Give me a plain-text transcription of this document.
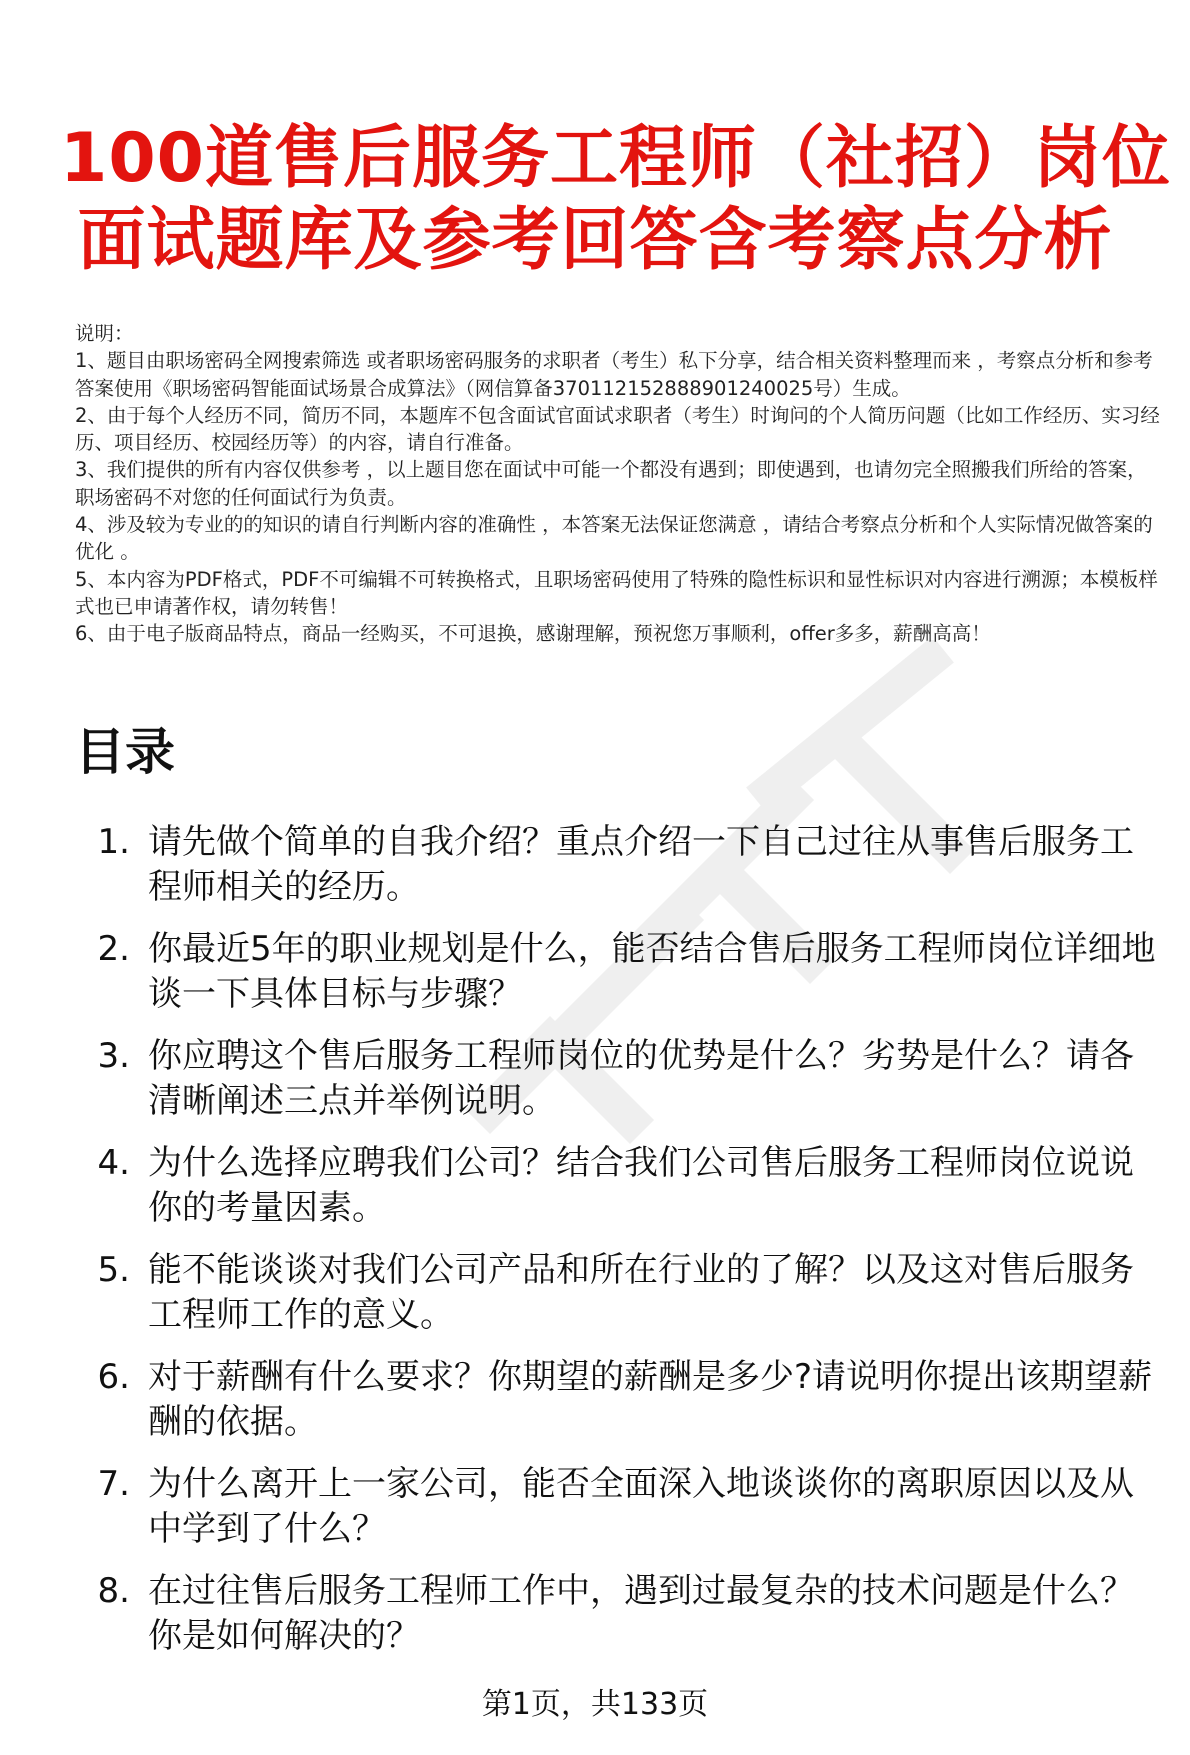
100道售后服务工程师（社招）岗位
面试题库及参考回答含考察点分析

说明：

1、题目由职场密码全网搜索筛选 或者职场密码服务的求职者（考生）私下分享，结合相关资料整理而来 ，考察点分析和参考答案使用《职场密码智能面试场景合成算法》（网信算备370112152888901240025号）生成。

2、由于每个人经历不同，简历不同，本题库不包含面试官面试求职者（考生）时询问的个人简历问题（比如工作经历、实习经历、项目经历、校园经历等）的内容，请自行准备。

3、我们提供的所有内容仅供参考 ，以上题目您在面试中可能一个都没有遇到；即使遇到，也请勿完全照搬我们所给的答案，职场密码不对您的任何面试行为负责。

4、涉及较为专业的的知识的请自行判断内容的准确性 ，本答案无法保证您满意 ，请结合考察点分析和个人实际情况做答案的优化 。

5、本内容为PDF格式，PDF不可编辑不可转换格式，且职场密码使用了特殊的隐性标识和显性标识对内容进行溯源；本模板样式也已申请著作权，请勿转售！

6、由于电子版商品特点，商品一经购买，不可退换，感谢理解，预祝您万事顺利，offer多多，薪酬高高！

目录
1. 请先做个简单的自我介绍？重点介绍一下自己过往从事售后服务工程师相关的经历。
2. 你最近5年的职业规划是什么，能否结合售后服务工程师岗位详细地谈一下具体目标与步骤？
3. 你应聘这个售后服务工程师岗位的优势是什么？劣势是什么？请各清晰阐述三点并举例说明。
4. 为什么选择应聘我们公司？结合我们公司售后服务工程师岗位说说你的考量因素。
5. 能不能谈谈对我们公司产品和所在行业的了解？以及这对售后服务工程师工作的意义。
6. 对于薪酬有什么要求？你期望的薪酬是多少?请说明你提出该期望薪酬的依据。
7. 为什么离开上一家公司，能否全面深入地谈谈你的离职原因以及从中学到了什么？
8. 在过往售后服务工程师工作中，遇到过最复杂的技术问题是什么？你是如何解决的？
第1页，共133页
